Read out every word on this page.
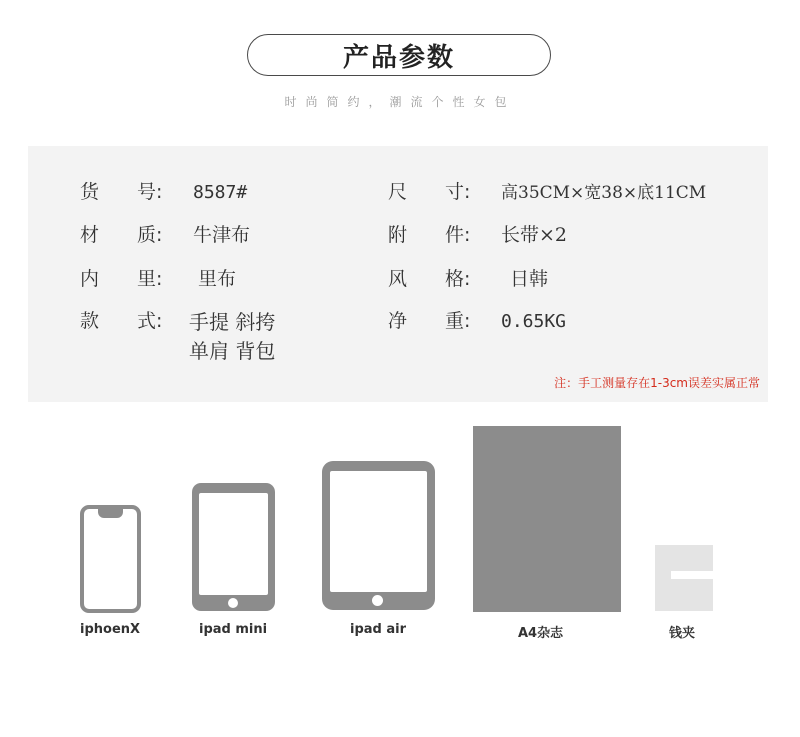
产品参数
时尚简约，潮流个性女包
货 号: 8587#
材 质: 牛津布
内 里: 里布
款 式:	手提 斜挎
单肩 背包
尺 寸: 高35CM×宽38×底11CM
附 件: 长带×2
风 格: 日韩
净 重: 0.65KG
注：手工测量存在1-3cm误差实属正常
iphoenX	ipad mini	ipad air	A4杂志	钱夹
